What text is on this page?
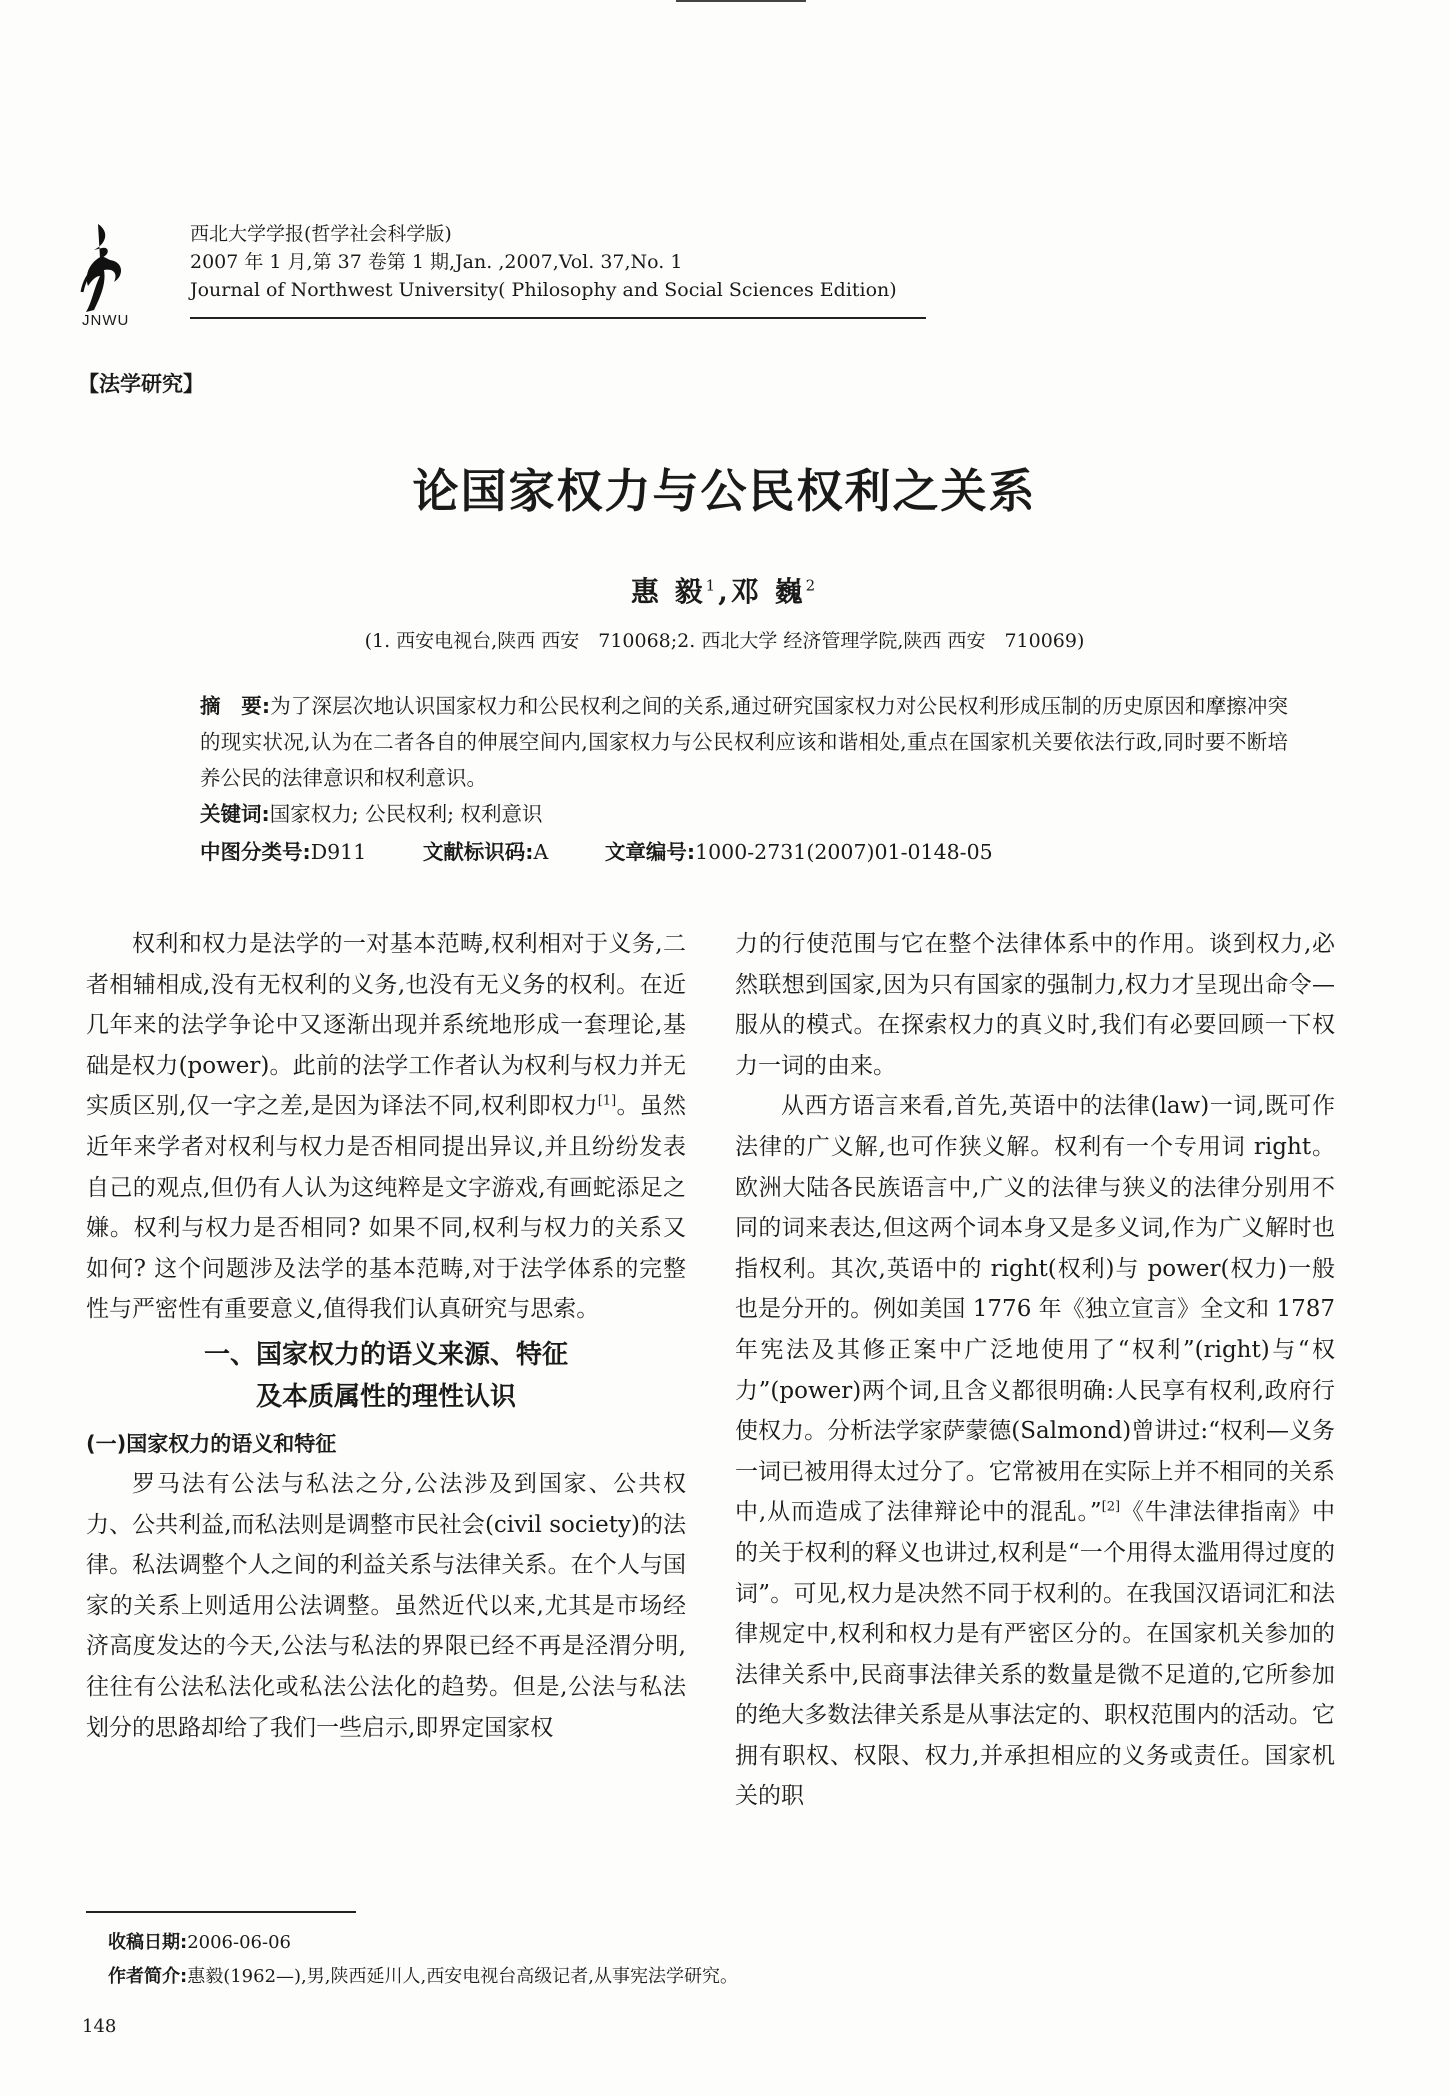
JNWU
西北大学学报(哲学社会科学版)
2007 年 1 月,第 37 卷第 1 期,Jan. ,2007,Vol. 37,No. 1
Journal of Northwest University( Philosophy and Social Sciences Edition)
【法学研究】
论国家权力与公民权利之关系
惠 毅$^1$,邓 巍$^2$
(1. 西安电视台,陕西 西安　710068;2. 西北大学 经济管理学院,陕西 西安　710069)
摘　要:为了深层次地认识国家权力和公民权利之间的关系,通过研究国家权力对公民权利形成压制的历史原因和摩擦冲突的现实状况,认为在二者各自的伸展空间内,国家权力与公民权利应该和谐相处,重点在国家机关要依法行政,同时要不断培养公民的法律意识和权利意识。
关键词:国家权力; 公民权利; 权利意识
中图分类号:D911	文献标识码:A	文章编号:1000-2731(2007)01-0148-05

权利和权力是法学的一对基本范畴,权利相对于义务,二者相辅相成,没有无权利的义务,也没有无义务的权利。在近几年来的法学争论中又逐渐出现并系统地形成一套理论,基础是权力(power)。此前的法学工作者认为权利与权力并无实质区别,仅一字之差,是因为译法不同,权利即权力[1]。虽然近年来学者对权利与权力是否相同提出异议,并且纷纷发表自己的观点,但仍有人认为这纯粹是文字游戏,有画蛇添足之嫌。权利与权力是否相同? 如果不同,权利与权力的关系又如何? 这个问题涉及法学的基本范畴,对于法学体系的完整性与严密性有重要意义,值得我们认真研究与思索。

一、国家权力的语义来源、特征
及本质属性的理性认识
(一)国家权力的语义和特征

罗马法有公法与私法之分,公法涉及到国家、公共权力、公共利益,而私法则是调整市民社会(civil society)的法律。私法调整个人之间的利益关系与法律关系。在个人与国家的关系上则适用公法调整。虽然近代以来,尤其是市场经济高度发达的今天,公法与私法的界限已经不再是泾渭分明,往往有公法私法化或私法公法化的趋势。但是,公法与私法划分的思路却给了我们一些启示,即界定国家权

力的行使范围与它在整个法律体系中的作用。谈到权力,必然联想到国家,因为只有国家的强制力,权力才呈现出命令—服从的模式。在探索权力的真义时,我们有必要回顾一下权力一词的由来。

从西方语言来看,首先,英语中的法律(law)一词,既可作法律的广义解,也可作狭义解。权利有一个专用词 right。欧洲大陆各民族语言中,广义的法律与狭义的法律分别用不同的词来表达,但这两个词本身又是多义词,作为广义解时也指权利。其次,英语中的 right(权利)与 power(权力)一般也是分开的。例如美国 1776 年《独立宣言》全文和 1787 年宪法及其修正案中广泛地使用了“权利”(right)与“权力”(power)两个词,且含义都很明确:人民享有权利,政府行使权力。分析法学家萨蒙德(Salmond)曾讲过:“权利—义务一词已被用得太过分了。它常被用在实际上并不相同的关系中,从而造成了法律辩论中的混乱。”[2]《牛津法律指南》中的关于权利的释义也讲过,权利是“一个用得太滥用得过度的词”。可见,权力是决然不同于权利的。在我国汉语词汇和法律规定中,权利和权力是有严密区分的。在国家机关参加的法律关系中,民商事法律关系的数量是微不足道的,它所参加的绝大多数法律关系是从事法定的、职权范围内的活动。它拥有职权、权限、权力,并承担相应的义务或责任。国家机关的职

收稿日期:2006-06-06
作者简介:惠毅(1962—),男,陕西延川人,西安电视台高级记者,从事宪法学研究。
148
